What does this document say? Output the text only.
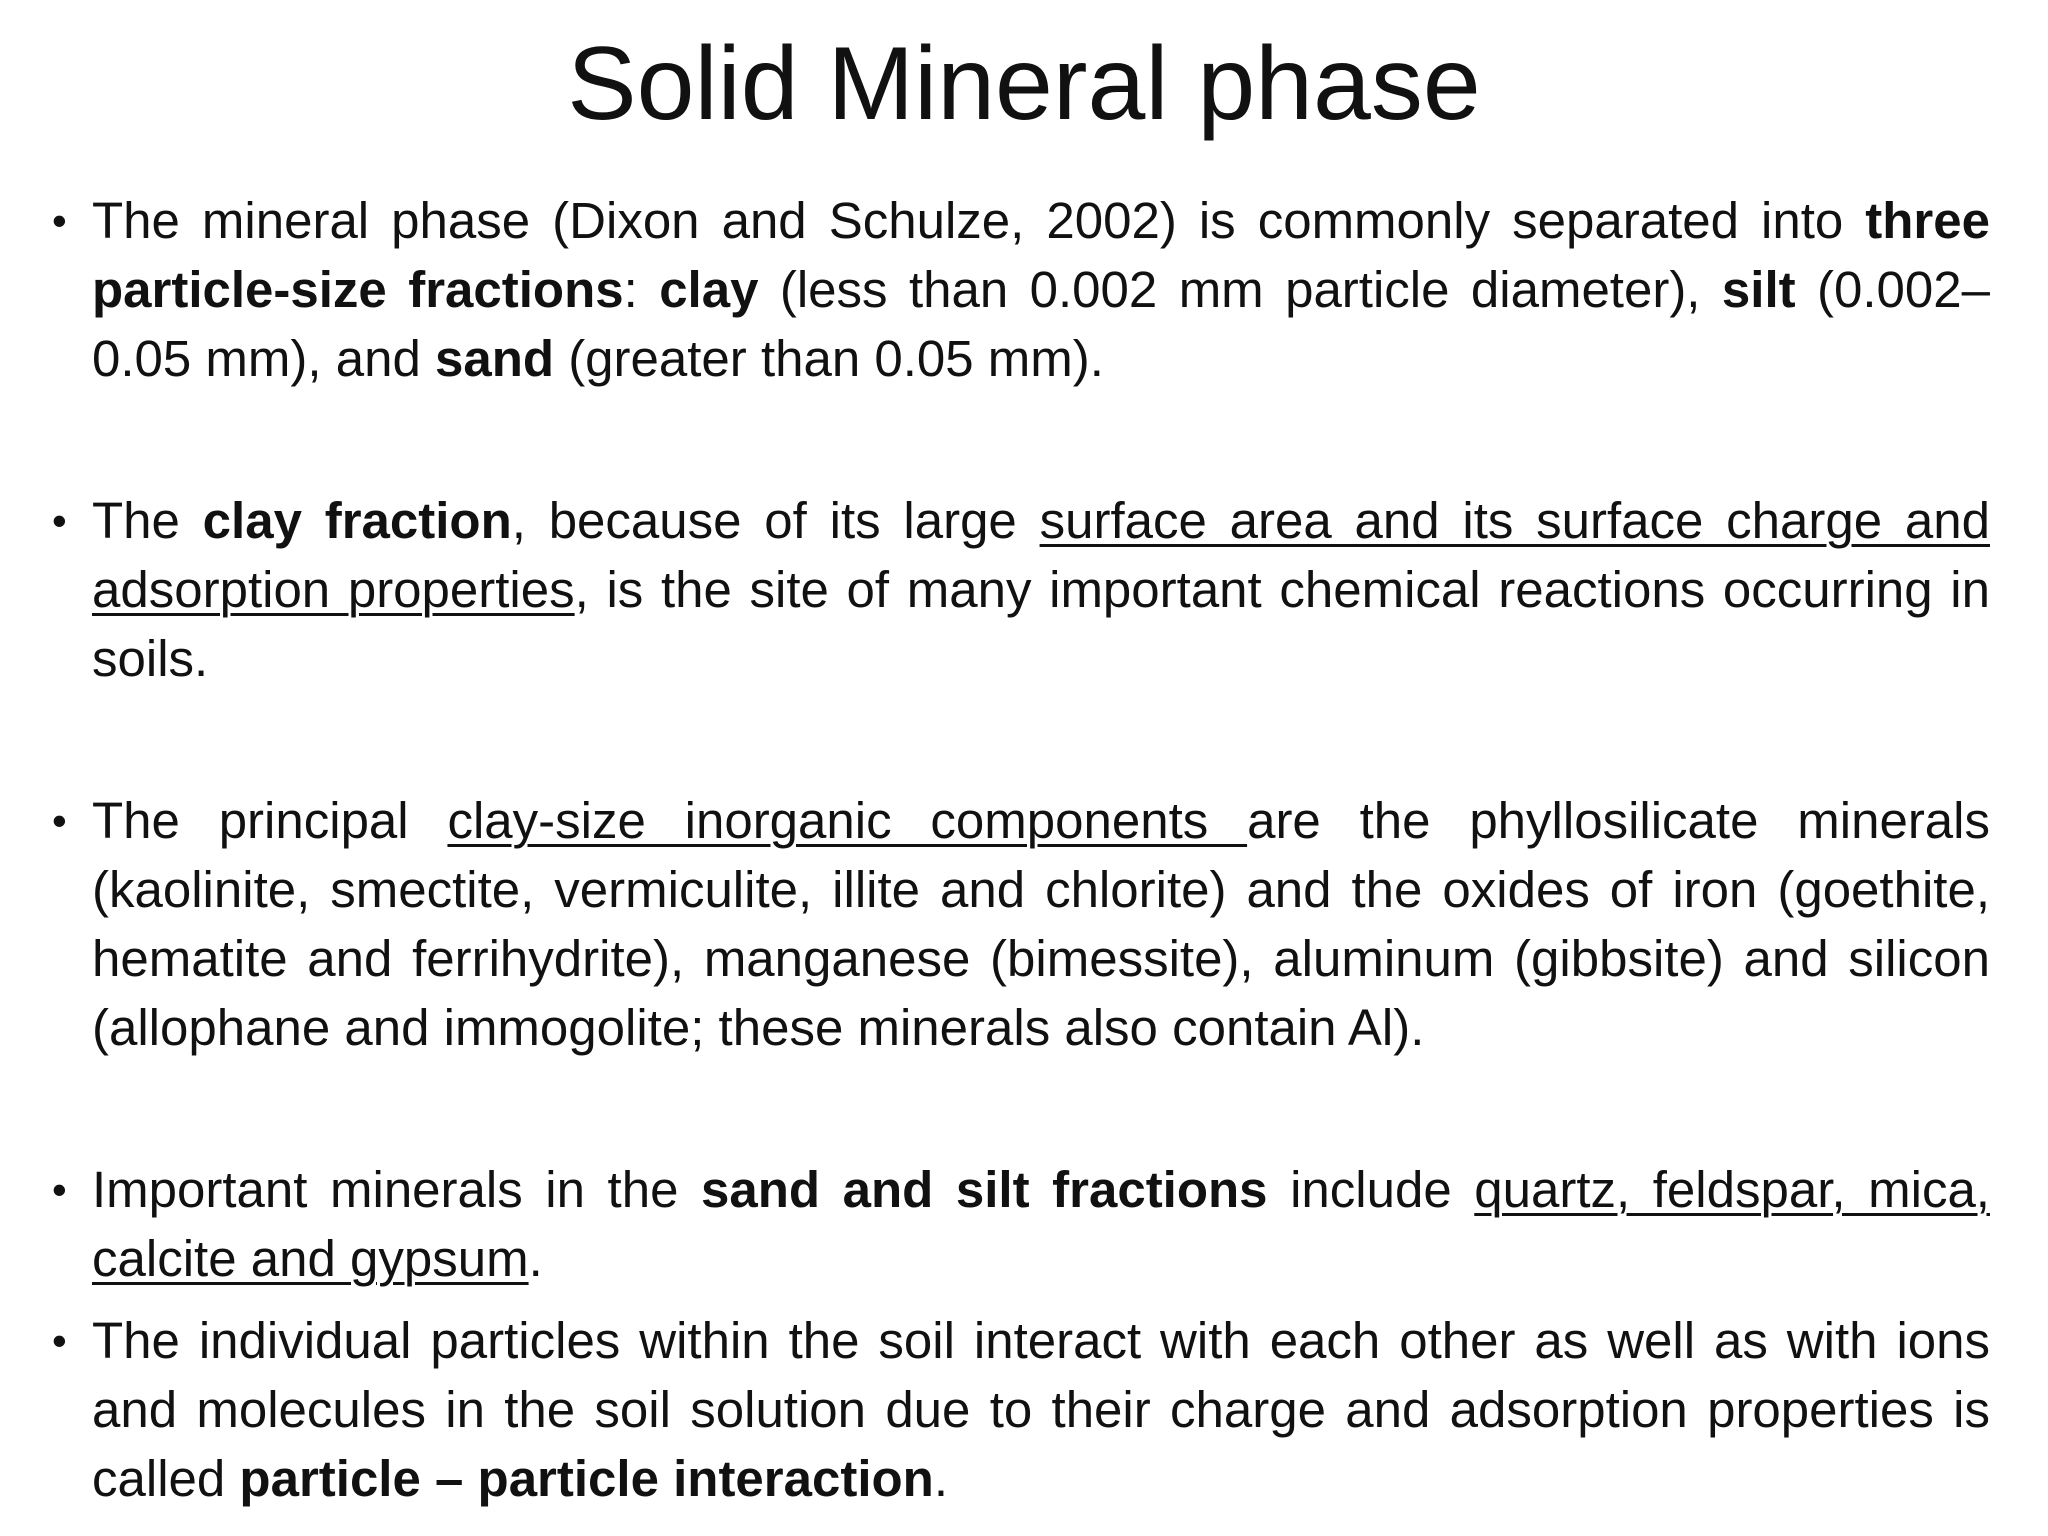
Solid Mineral phase
• The mineral phase (Dixon and Schulze, 2002) is commonly separated into three particle-size fractions: clay (less than 0.002 mm particle diameter), silt (0.002–0.05 mm), and sand (greater than 0.05 mm).
• The clay fraction, because of its large surface area and its surface charge and adsorption properties, is the site of many important chemical reactions occurring in soils.
• The principal clay-size inorganic components are the phyllosilicate minerals (kaolinite, smectite, vermiculite, illite and chlorite) and the oxides of iron (goethite, hematite and ferrihydrite), manganese (bimessite), aluminum (gibbsite) and silicon (allophane and immogolite; these minerals also contain Al).
• Important minerals in the sand and silt fractions include quartz, feldspar, mica, calcite and gypsum.
• The individual particles within the soil interact with each other as well as with ions and molecules in the soil solution due to their charge and adsorption properties is called particle – particle interaction.
